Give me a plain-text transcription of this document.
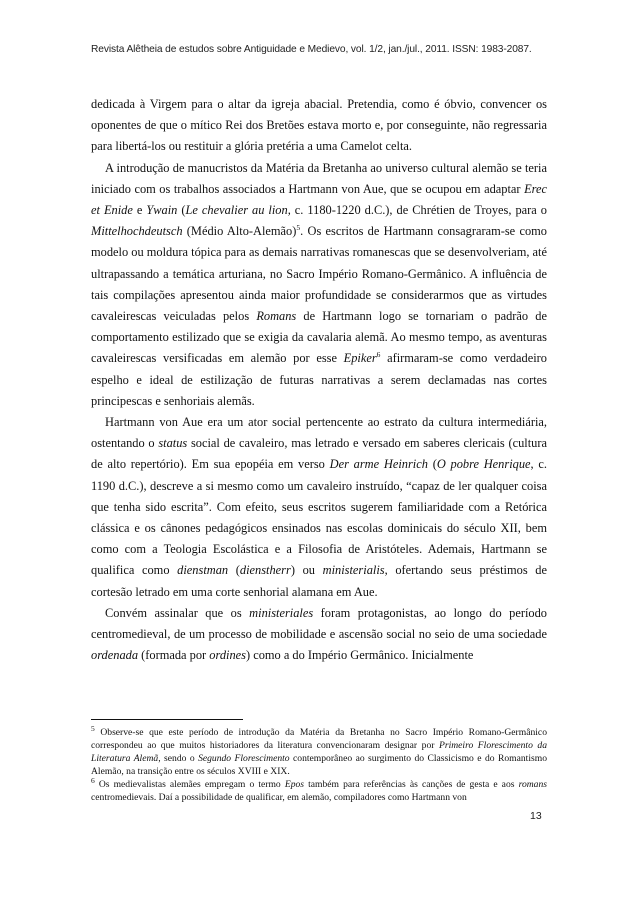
Revista Alêtheia de estudos sobre Antiguidade e Medievo, vol. 1/2, jan./jul., 2011. ISSN: 1983-2087.

dedicada à Virgem para o altar da igreja abacial. Pretendia, como é óbvio, convencer os oponentes de que o mítico Rei dos Bretões estava morto e, por conseguinte, não regressaria para libertá-los ou restituir a glória pretéria a uma Camelot celta.

A introdução de manucristos da Matéria da Bretanha ao universo cultural alemão se teria iniciado com os trabalhos associados a Hartmann von Aue, que se ocupou em adaptar Erec et Enide e Ywain (Le chevalier au lion, c. 1180-1220 d.C.), de Chrétien de Troyes, para o Mittelhochdeutsch (Médio Alto-Alemão)$^5$. Os escritos de Hartmann consagraram-se como modelo ou moldura tópica para as demais narrativas romanescas que se desenvolveriam, até ultrapassando a temática arturiana, no Sacro Império Romano-Germânico. A influência de tais compilações apresentou ainda maior profundidade se considerarmos que as virtudes cavaleirescas veiculadas pelos Romans de Hartmann logo se tornariam o padrão de comportamento estilizado que se exigia da cavalaria alemã. Ao mesmo tempo, as aventuras cavaleirescas versificadas em alemão por esse Epiker$^6$ afirmaram-se como verdadeiro espelho e ideal de estilização de futuras narrativas a serem declamadas nas cortes principescas e senhoriais alemãs.

Hartmann von Aue era um ator social pertencente ao estrato da cultura intermediária, ostentando o status social de cavaleiro, mas letrado e versado em saberes clericais (cultura de alto repertório). Em sua epopéia em verso Der arme Heinrich (O pobre Henrique, c. 1190 d.C.), descreve a si mesmo como um cavaleiro instruído, “capaz de ler qualquer coisa que tenha sido escrita”. Com efeito, seus escritos sugerem familiaridade com a Retórica clássica e os cânones pedagógicos ensinados nas escolas dominicais do século XII, bem como com a Teologia Escolástica e a Filosofia de Aristóteles. Ademais, Hartmann se qualifica como dienstman (dienstherr) ou ministerialis, ofertando seus préstimos de cortesão letrado em uma corte senhorial alamana em Aue.

Convém assinalar que os ministeriales foram protagonistas, ao longo do período centromedieval, de um processo de mobilidade e ascensão social no seio de uma sociedade ordenada (formada por ordines) como a do Império Germânico. Inicialmente

$^5$ Observe-se que este período de introdução da Matéria da Bretanha no Sacro Império Romano-Germânico correspondeu ao que muitos historiadores da literatura convencionaram designar por Primeiro Florescimento da Literatura Alemã, sendo o Segundo Florescimento contemporâneo ao surgimento do Classicismo e do Romantismo Alemão, na transição entre os séculos XVIII e XIX.

$^6$ Os medievalistas alemães empregam o termo Epos também para referências às canções de gesta e aos romans centromedievais. Daí a possibilidade de qualificar, em alemão, compiladores como Hartmann von

13
